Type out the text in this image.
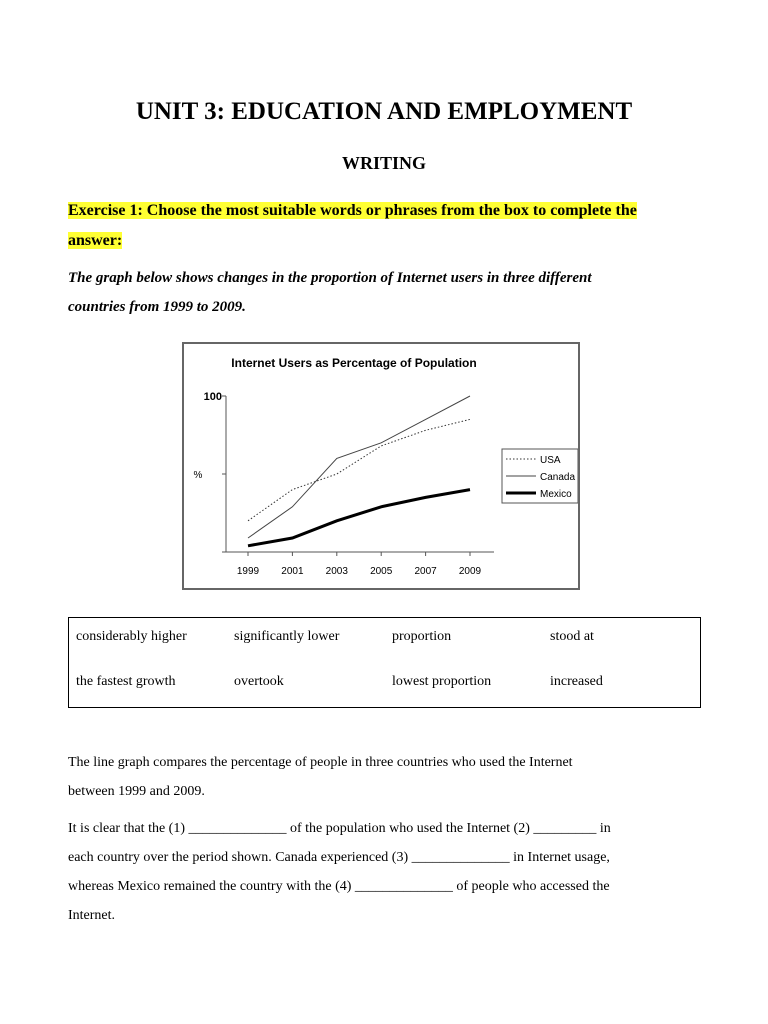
UNIT 3: EDUCATION AND EMPLOYMENT
WRITING
Exercise 1: Choose the most suitable words or phrases from the box to complete the
answer:
The graph below shows changes in the proportion of Internet users in three different
countries from 1999 to 2009.
Internet Users as Percentage of Population
100
%
1999 2001 2003 2005 2007 2009
USA
Canada
Mexico
considerably higher	significantly lower	proportion	stood at
the fastest growth	overtook	lowest proportion	increased
The line graph compares the percentage of people in three countries who used the Internet
between 1999 and 2009.
It is clear that the (1) ______________ of the population who used the Internet (2) _________ in
each country over the period shown. Canada experienced (3) ______________ in Internet usage,
whereas Mexico remained the country with the (4) ______________ of people who accessed the
Internet.
